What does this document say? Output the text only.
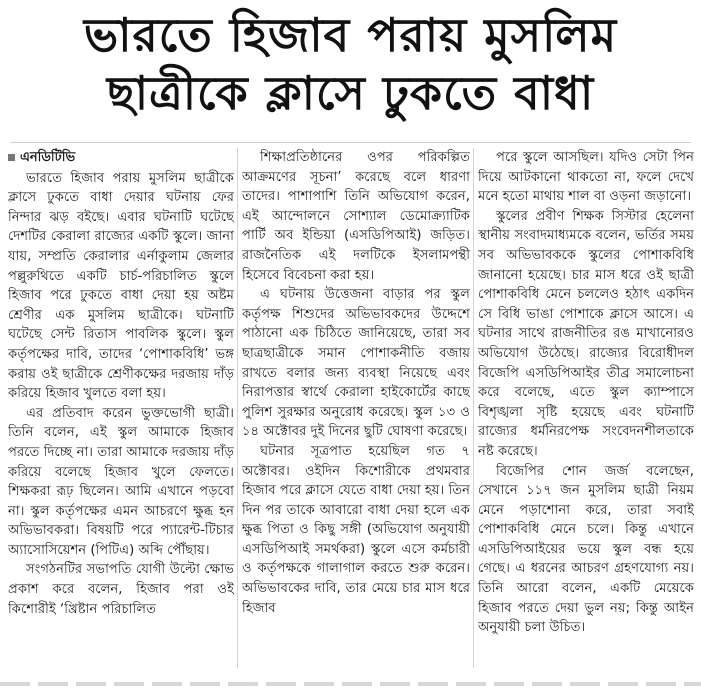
ভারতে হিজাব পরায় মুসলিম
ছাত্রীকে ক্লাসে ঢুকতে বাধা
এনডিটিভি

ভারতে হিজাব পরায় মুসলিম ছাত্রীকে ক্লাসে ঢুকতে বাধা দেয়ার ঘটনায় ফের নিন্দার ঝড় বইছে। এবার ঘটনাটি ঘটেছে দেশটির কেরালা রাজ্যের একটি স্কুলে। জানা যায়, সম্প্রতি কেরালার এর্নাকুলাম জেলার পল্লুরুথিতে একটি চার্চ-পরিচালিত স্কুলে হিজাব পরে ঢুকতে বাধা দেয়া হয় অষ্টম শ্রেণীর এক মুসলিম ছাত্রীকে। ঘটনাটি ঘটেছে সেন্ট রিতাস পাবলিক স্কুলে। স্কুল কর্তৃপক্ষের দাবি, তাদের ‘পোশাকবিধি’ ভঙ্গ করায় ওই ছাত্রীকে শ্রেণীকক্ষের দরজায় দাঁড় করিয়ে হিজাব খুলতে বলা হয়।

এর প্রতিবাদ করেন ভুক্তভোগী ছাত্রী। তিনি বলেন, এই স্কুল আমাকে হিজাব পরতে দিচ্ছে না। তারা আমাকে দরজায় দাঁড় করিয়ে বলেছে হিজাব খুলে ফেলতে। শিক্ষকরা রূঢ় ছিলেন। আমি এখানে পড়বো না। স্কুল কর্তৃপক্ষের এমন আচরণে ক্ষুব্ধ হন অভিভাবকরা। বিষয়টি পরে প্যারেন্ট-টিচার অ্যাসোসিয়েশন (পিটিএ) অব্দি পৌঁছায়।

সংগঠনটির সভাপতি যোগী উল্টো ক্ষোভ প্রকাশ করে বলেন, হিজাব পরা ওই কিশোরীই ‘খ্রিষ্টান পরিচালিত

শিক্ষাপ্রতিষ্ঠানের ওপর পরিকল্পিত আক্রমণের সূচনা’ করেছে বলে ধারণা তাদের। পাশাপাশি তিনি অভিযোগ করেন, এই আন্দোলনে সোশ্যাল ডেমোক্র্যাটিক পার্টি অব ইন্ডিয়া (এসডিপিআই) জড়িত। রাজনৈতিক এই দলটিকে ইসলামপন্থী হিসেবে বিবেচনা করা হয়।

এ ঘটনায় উত্তেজনা বাড়ার পর স্কুল কর্তৃপক্ষ শিশুদের অভিভাবকদের উদ্দেশে পাঠানো এক চিঠিতে জানিয়েছে, তারা সব ছাত্রছাত্রীকে সমান পোশাকনীতি বজায় রাখতে বলার জন্য ব্যবস্থা নিয়েছে এবং নিরাপত্তার স্বার্থে কেরালা হাইকোর্টের কাছে পুলিশ সুরক্ষার অনুরোধ করেছে। স্কুল ১৩ ও ১৪ অক্টোবর দুই দিনের ছুটি ঘোষণা করেছে।

ঘটনার সূত্রপাত হয়েছিল গত ৭ অক্টোবর। ওইদিন কিশোরীকে প্রথমবার হিজাব পরে ক্লাসে যেতে বাধা দেয়া হয়। তিন দিন পর তাকে আবারো বাধা দেয়া হলে এক ক্ষুব্ধ পিতা ও কিছু সঙ্গী (অভিযোগ অনুযায়ী এসডিপিআই সমর্থকরা) স্কুলে এসে কর্মচারী ও কর্তৃপক্ষকে গালাগাল করতে শুরু করেন। অভিভাবকের দাবি, তার মেয়ে চার মাস ধরে হিজাব

পরে স্কুলে আসছিল। যদিও সেটা পিন দিয়ে আটকানো থাকতো না, ফলে দেখে মনে হতো মাথায় শাল বা ওড়না জড়ানো।

স্কুলের প্রবীণ শিক্ষক সিস্টার হেলেনা স্থানীয় সংবাদমাধ্যমকে বলেন, ভর্তির সময় সব অভিভাবককে স্কুলের পোশাকবিধি জানানো হয়েছে। চার মাস ধরে ওই ছাত্রী পোশাকবিধি মেনে চললেও হঠাৎ একদিন সে বিধি ভাঙা পোশাকে ক্লাসে আসে। এ ঘটনার সাথে রাজনীতির রঙ মাখানোরও অভিযোগ উঠেছে। রাজ্যের বিরোধীদল বিজেপি এসডিপিআইর তীব্র সমালোচনা করে বলেছে, এতে স্কুল ক্যাম্পাসে বিশৃঙ্খলা সৃষ্টি হয়েছে এবং ঘটনাটি রাজ্যের ধর্মনিরপেক্ষ সংবেদনশীলতাকে নষ্ট করেছে।

বিজেপির শোন জর্জ বলেছেন, সেখানে ১১৭ জন মুসলিম ছাত্রী নিয়ম মেনে পড়াশোনা করে, তারা সবাই পোশাকবিধি মেনে চলে। কিন্তু এখানে এসডিপিআইয়ের ভয়ে স্কুল বন্ধ হয়ে গেছে। এ ধরনের আচরণ গ্রহণযোগ্য নয়। তিনি আরো বলেন, একটি মেয়েকে হিজাব পরতে দেয়া ভুল নয়; কিন্তু আইন অনুযায়ী চলা উচিত।
